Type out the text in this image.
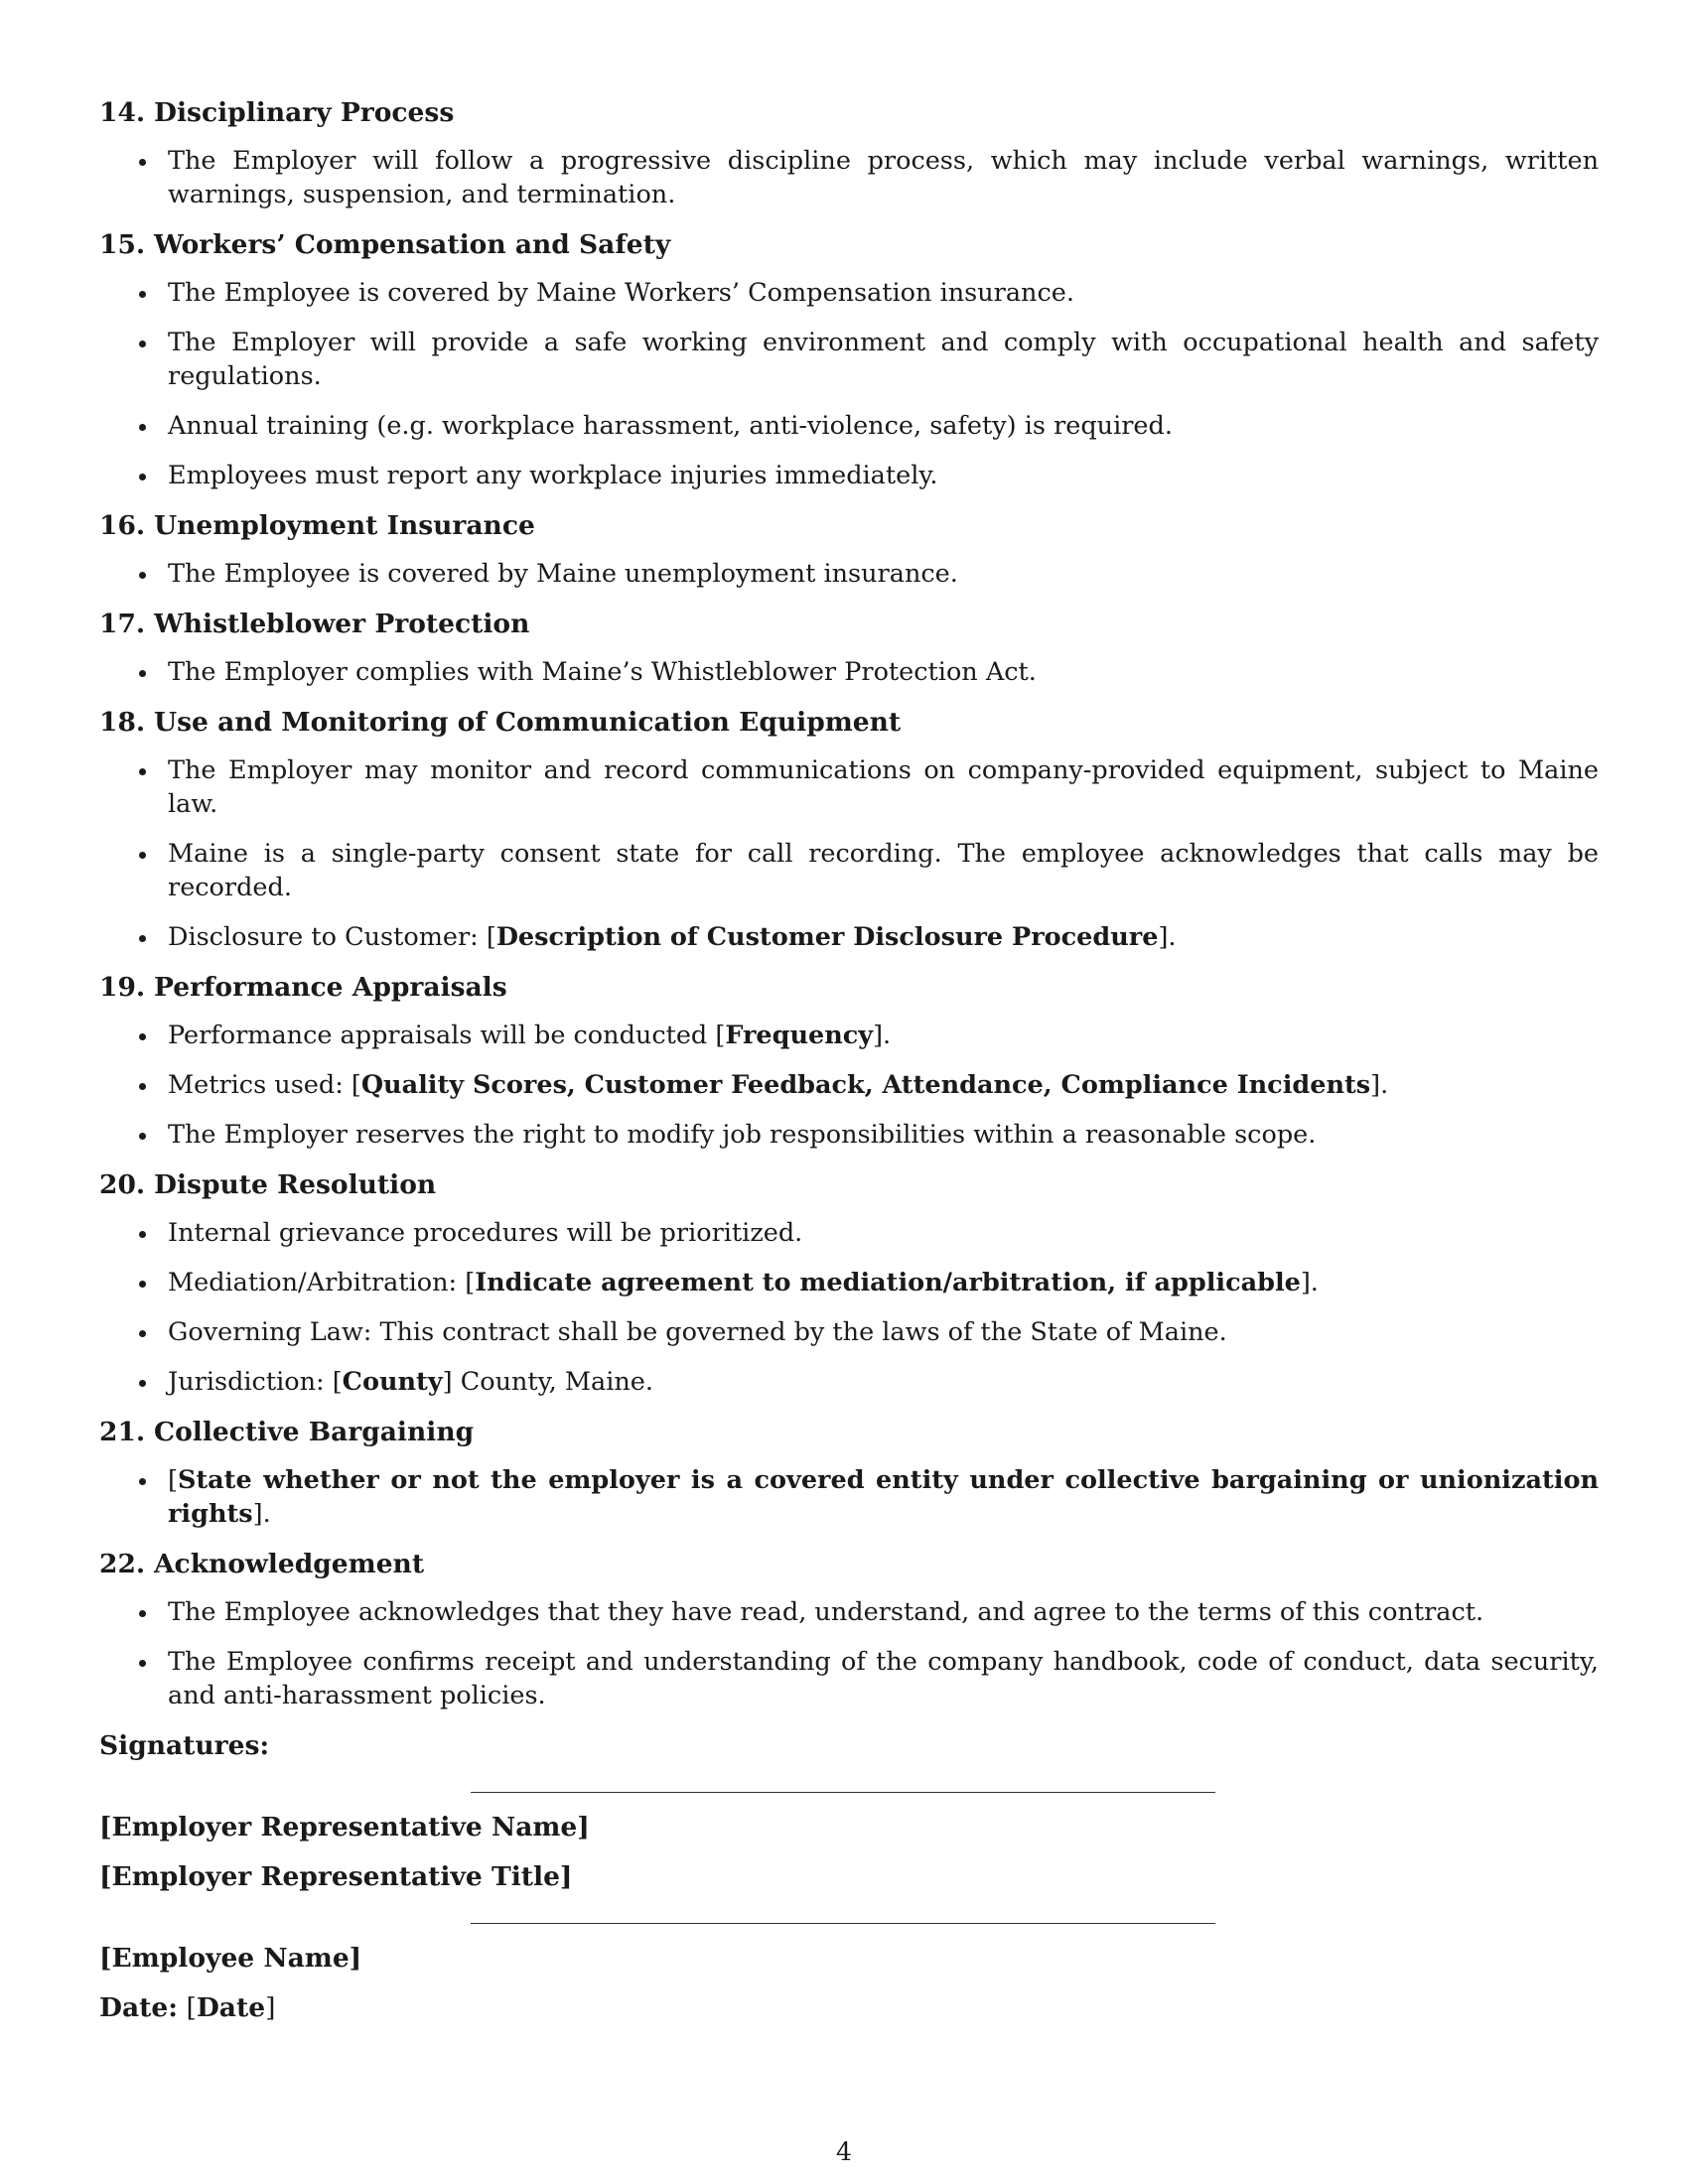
14. Disciplinary Process
The Employer will follow a progressive discipline process, which may include verbal warnings, written warnings, suspension, and termination.
15. Workers’ Compensation and Safety
The Employee is covered by Maine Workers’ Compensation insurance.
The Employer will provide a safe working environment and comply with occupational health and safety regulations.
Annual training (e.g. workplace harassment, anti-violence, safety) is required.
Employees must report any workplace injuries immediately.
16. Unemployment Insurance
The Employee is covered by Maine unemployment insurance.
17. Whistleblower Protection
The Employer complies with Maine’s Whistleblower Protection Act.
18. Use and Monitoring of Communication Equipment
The Employer may monitor and record communications on company-provided equipment, subject to Maine law.
Maine is a single-party consent state for call recording. The employee acknowledges that calls may be recorded.
Disclosure to Customer: [Description of Customer Disclosure Procedure].
19. Performance Appraisals
Performance appraisals will be conducted [Frequency].
Metrics used: [Quality Scores, Customer Feedback, Attendance, Compliance Incidents].
The Employer reserves the right to modify job responsibilities within a reasonable scope.
20. Dispute Resolution
Internal grievance procedures will be prioritized.
Mediation/Arbitration: [Indicate agreement to mediation/arbitration, if applicable].
Governing Law: This contract shall be governed by the laws of the State of Maine.
Jurisdiction: [County] County, Maine.
21. Collective Bargaining
[State whether or not the employer is a covered entity under collective bargaining or unionization rights].
22. Acknowledgement
The Employee acknowledges that they have read, understand, and agree to the terms of this contract.
The Employee confirms receipt and understanding of the company handbook, code of conduct, data security, and anti-harassment policies.
Signatures:
[Employer Representative Name]
[Employer Representative Title]
[Employee Name]
Date: [Date]
4
